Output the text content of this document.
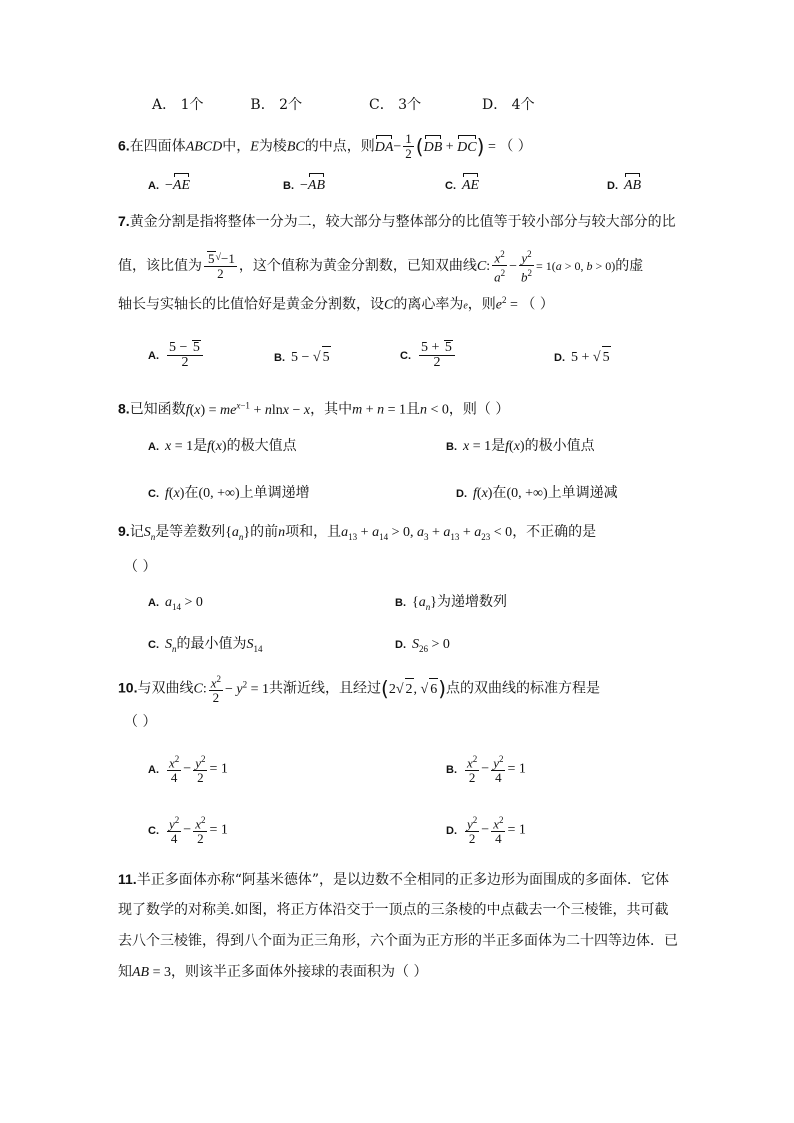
A． 1个	B． 2个	C． 3个	D． 4个
6.在四面体ABCD中，E为棱BC的中点，则$DA- \frac{1}{2} (DB + DC)$ = （ ）
A. −AE	B. −AB	C. AE	D. AB
7.黄金分割是指将整体一分为二，较大部分与整体部分的比值等于较小部分与较大部分的比
值，该比值为 $\frac{5^√-1}{2}$ ，这个值称为黄金分割数，已知双曲线C: $\frac{x^2}{a^2} - \frac{y^2}{b^2} = 1(a > 0$, b > 0)的虚
轴长与实轴长的比值恰好是黄金分割数，设C的离心率为e，则$e^2$ = （ ）
A. $\frac{5 - 5}{2}$	B. 5 − √ 5	C. $\frac{5 + 5}{2}$	D. 5 + √ 5
8.已知函数$f(x) = me^{x-1} + nlnx - x$，其中m + n = 1且n < 0，则（ ）
A. x = 1是f(x)的极大值点	B. x = 1是f(x)的极小值点
C. f(x)在(0, +∞)上单调递增	D. f(x)在(0, +∞)上单调递减
9.记$S_n$是等差数列$\{a_n\}$的前n项和，且$a_{13} + a_{14} > 0$, $a_3 + a_{13} + a_{23} < 0$，不正确的是
（ ）
A. $a_{14} > 0$	B. $\{a_n\}$为递增数列
C. $S_n$的最小值为$S_{14}$	D. $S_{26} > 0$
10.与双曲线C: $\frac{x^2}{2} - y^2 = 1$共渐近线，且经过(2√ 2, √ 6)点的双曲线的标准方程是
（ ）
A. $\frac{x^2}{4} - \frac{y^2}{2} = 1$	B. $\frac{x^2}{2} - \frac{y^2}{4} = 1$
C. $\frac{y^2}{4} - \frac{x^2}{2} = 1$	D. $\frac{y^2}{2} - \frac{x^2}{4} = 1$
11.半正多面体亦称“阿基米德体”，是以边数不全相同的正多边形为面围成的多面体．它体
现了数学的对称美.如图，将正方体沿交于一顶点的三条棱的中点截去一个三棱锥，共可截
去八个三棱锥，得到八个面为正三角形，六个面为正方形的半正多面体为二十四等边体．已
知AB = 3，则该半正多面体外接球的表面积为（ ）
